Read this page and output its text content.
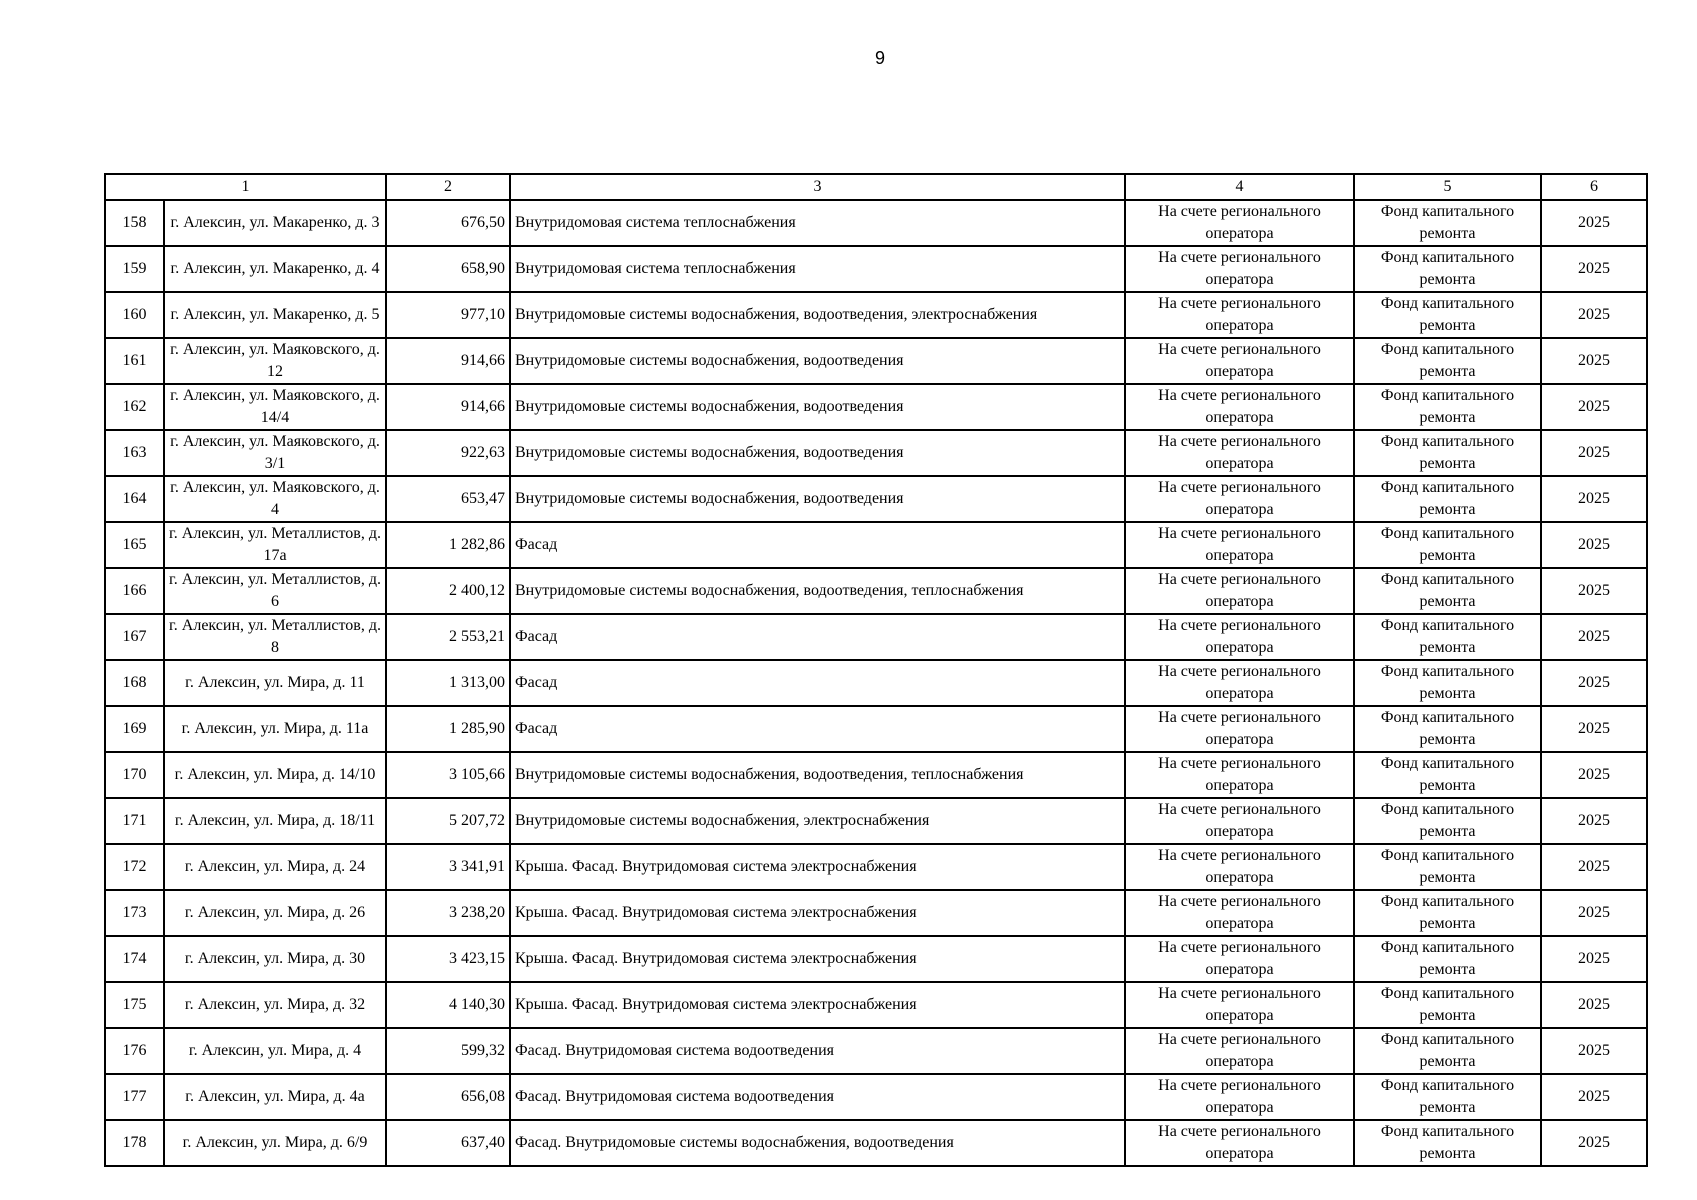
9
1		2	3	4	5	6
158	г. Алексин, ул. Макаренко, д. 3	676,50	Внутридомовая система теплоснабжения	На счете регионального оператора	Фонд капитального ремонта	2025
159	г. Алексин, ул. Макаренко, д. 4	658,90	Внутридомовая система теплоснабжения	На счете регионального оператора	Фонд капитального ремонта	2025
160	г. Алексин, ул. Макаренко, д. 5	977,10	Внутридомовые системы водоснабжения, водоотведения, электроснабжения	На счете регионального оператора	Фонд капитального ремонта	2025
161	г. Алексин, ул. Маяковского, д. 12	914,66	Внутридомовые системы водоснабжения, водоотведения	На счете регионального оператора	Фонд капитального ремонта	2025
162	г. Алексин, ул. Маяковского, д. 14/4	914,66	Внутридомовые системы водоснабжения, водоотведения	На счете регионального оператора	Фонд капитального ремонта	2025
163	г. Алексин, ул. Маяковского, д. 3/1	922,63	Внутридомовые системы водоснабжения, водоотведения	На счете регионального оператора	Фонд капитального ремонта	2025
164	г. Алексин, ул. Маяковского, д. 4	653,47	Внутридомовые системы водоснабжения, водоотведения	На счете регионального оператора	Фонд капитального ремонта	2025
165	г. Алексин, ул. Металлистов, д. 17а	1 282,86	Фасад	На счете регионального оператора	Фонд капитального ремонта	2025
166	г. Алексин, ул. Металлистов, д. 6	2 400,12	Внутридомовые системы водоснабжения, водоотведения, теплоснабжения	На счете регионального оператора	Фонд капитального ремонта	2025
167	г. Алексин, ул. Металлистов, д. 8	2 553,21	Фасад	На счете регионального оператора	Фонд капитального ремонта	2025
168	г. Алексин, ул. Мира, д. 11	1 313,00	Фасад	На счете регионального оператора	Фонд капитального ремонта	2025
169	г. Алексин, ул. Мира, д. 11а	1 285,90	Фасад	На счете регионального оператора	Фонд капитального ремонта	2025
170	г. Алексин, ул. Мира, д. 14/10	3 105,66	Внутридомовые системы водоснабжения, водоотведения, теплоснабжения	На счете регионального оператора	Фонд капитального ремонта	2025
171	г. Алексин, ул. Мира, д. 18/11	5 207,72	Внутридомовые системы водоснабжения, электроснабжения	На счете регионального оператора	Фонд капитального ремонта	2025
172	г. Алексин, ул. Мира, д. 24	3 341,91	Крыша. Фасад. Внутридомовая система электроснабжения	На счете регионального оператора	Фонд капитального ремонта	2025
173	г. Алексин, ул. Мира, д. 26	3 238,20	Крыша. Фасад. Внутридомовая система электроснабжения	На счете регионального оператора	Фонд капитального ремонта	2025
174	г. Алексин, ул. Мира, д. 30	3 423,15	Крыша. Фасад. Внутридомовая система электроснабжения	На счете регионального оператора	Фонд капитального ремонта	2025
175	г. Алексин, ул. Мира, д. 32	4 140,30	Крыша. Фасад. Внутридомовая система электроснабжения	На счете регионального оператора	Фонд капитального ремонта	2025
176	г. Алексин, ул. Мира, д. 4	599,32	Фасад. Внутридомовая система водоотведения	На счете регионального оператора	Фонд капитального ремонта	2025
177	г. Алексин, ул. Мира, д. 4а	656,08	Фасад. Внутридомовая система водоотведения	На счете регионального оператора	Фонд капитального ремонта	2025
178	г. Алексин, ул. Мира, д. 6/9	637,40	Фасад. Внутридомовые системы водоснабжения, водоотведения	На счете регионального оператора	Фонд капитального ремонта	2025
